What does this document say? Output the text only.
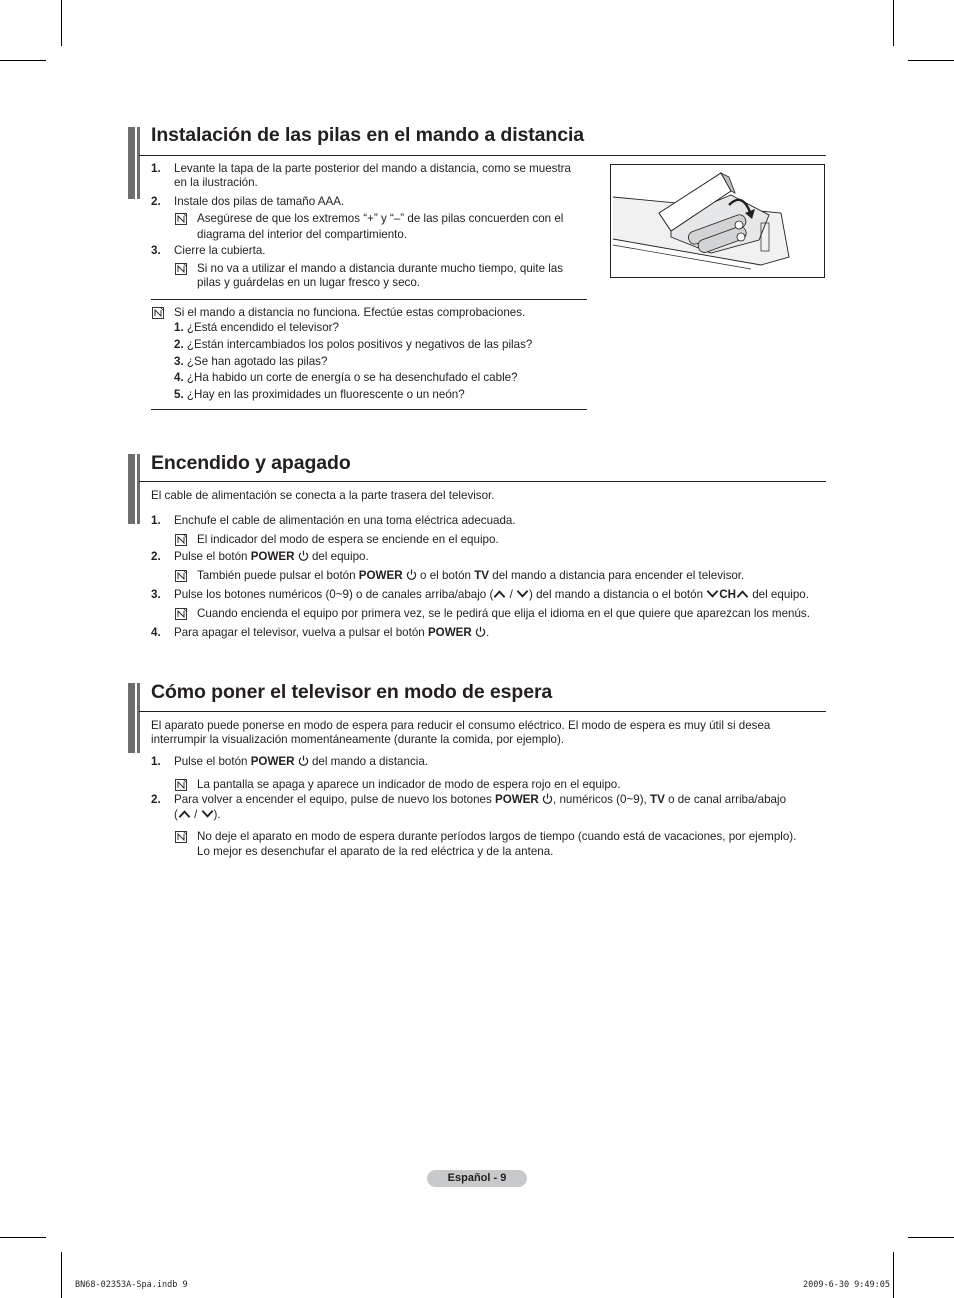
Instalación de las pilas en el mando a distancia
1. Levante la tapa de la parte posterior del mando a distancia, como se muestra
en la ilustración.
2. Instale dos pilas de tamaño AAA.
Asegúrese de que los extremos “+” y “–” de las pilas concuerden con el
diagrama del interior del compartimiento.
3. Cierre la cubierta.
Si no va a utilizar el mando a distancia durante mucho tiempo, quite las
pilas y guárdelas en un lugar fresco y seco.
Si el mando a distancia no funciona. Efectúe estas comprobaciones.
1. ¿Está encendido el televisor?
2. ¿Están intercambiados los polos positivos y negativos de las pilas?
3. ¿Se han agotado las pilas?
4. ¿Ha habido un corte de energía o se ha desenchufado el cable?
5. ¿Hay en las proximidades un fluorescente o un neón?
Encendido y apagado
El cable de alimentación se conecta a la parte trasera del televisor.
1. Enchufe el cable de alimentación en una toma eléctrica adecuada.
El indicador del modo de espera se enciende en el equipo.
2. Pulse el botón POWER  del equipo.
También puede pulsar el botón POWER  o el botón TV del mando a distancia para encender el televisor.
3. Pulse los botones numéricos (0~9) o de canales arriba/abajo ( / ) del mando a distancia o el botón CH del equipo.
Cuando encienda el equipo por primera vez, se le pedirá que elija el idioma en el que quiere que aparezcan los menús.
4. Para apagar el televisor, vuelva a pulsar el botón POWER .
Cómo poner el televisor en modo de espera
El aparato puede ponerse en modo de espera para reducir el consumo eléctrico. El modo de espera es muy útil si desea
interrumpir la visualización momentáneamente (durante la comida, por ejemplo).
1. Pulse el botón POWER  del mando a distancia.
La pantalla se apaga y aparece un indicador de modo de espera rojo en el equipo.
2. Para volver a encender el equipo, pulse de nuevo los botones POWER , numéricos (0~9), TV o de canal arriba/abajo
( / ).
No deje el aparato en modo de espera durante períodos largos de tiempo (cuando está de vacaciones, por ejemplo).
Lo mejor es desenchufar el aparato de la red eléctrica y de la antena.
Español - 9
BN68-02353A-Spa.indb 9	2009-6-30 9:49:05
